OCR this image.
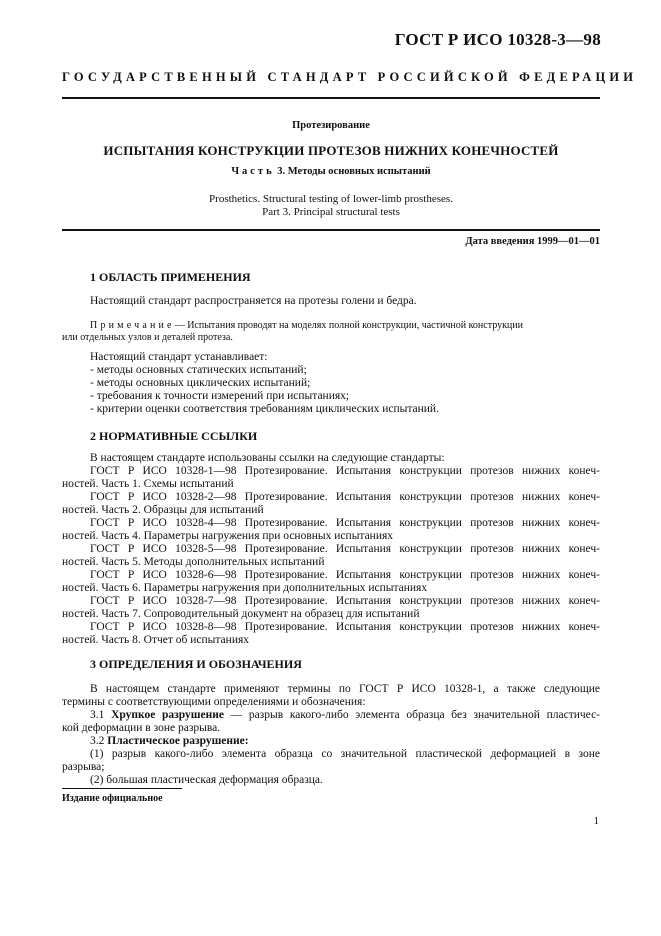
ГОСТ Р ИСО 10328-3—98
ГОСУДАРСТВЕННЫЙ СТАНДАРТ РОССИЙСКОЙ ФЕДЕРАЦИИ
Протезирование
ИСПЫТАНИЯ КОНСТРУКЦИИ ПРОТЕЗОВ НИЖНИХ КОНЕЧНОСТЕЙ
Часть 3. Методы основных испытаний
Prosthetics. Structural testing of lower-limb prostheses.
Part 3. Principal structural tests
Дата введения 1999—01—01
1 ОБЛАСТЬ ПРИМЕНЕНИЯ
Настоящий стандарт распространяется на протезы голени и бедра.
Примечание— Испытания проводят на моделях полной конструкции, частичной конструкции
или отдельных узлов и деталей протеза.
Настоящий стандарт устанавливает:
- методы основных статических испытаний;
- методы основных циклических испытаний;
- требования к точности измерений при испытаниях;
- критерии оценки соответствия требованиям циклических испытаний.
2 НОРМАТИВНЫЕ ССЫЛКИ
В настоящем стандарте использованы ссылки на следующие стандарты:
ГОСТ Р ИСО 10328-1—98 Протезирование. Испытания конструкции протезов нижних конеч-
ностей. Часть 1. Схемы испытаний
ГОСТ Р ИСО 10328-2—98 Протезирование. Испытания конструкции протезов нижних конеч-
ностей. Часть 2. Образцы для испытаний
ГОСТ Р ИСО 10328-4—98 Протезирование. Испытания конструкции протезов нижних конеч-
ностей. Часть 4. Параметры нагружения при основных испытаниях
ГОСТ Р ИСО 10328-5—98 Протезирование. Испытания конструкции протезов нижних конеч-
ностей. Часть 5. Методы дополнительных испытаний
ГОСТ Р ИСО 10328-6—98 Протезирование. Испытания конструкции протезов нижних конеч-
ностей. Часть 6. Параметры нагружения при дополнительных испытаниях
ГОСТ Р ИСО 10328-7—98 Протезирование. Испытания конструкции протезов нижних конеч-
ностей. Часть 7. Сопроводительный документ на образец для испытаний
ГОСТ Р ИСО 10328-8—98 Протезирование. Испытания конструкции протезов нижних конеч-
ностей. Часть 8. Отчет об испытаниях
3 ОПРЕДЕЛЕНИЯ И ОБОЗНАЧЕНИЯ
В настоящем стандарте применяют термины по ГОСТ Р ИСО 10328-1, а также следующие
термины с соответствующими определениями и обозначения:
3.1 Хрупкое разрушение — разрыв какого-либо элемента образца без значительной пластичес-
кой деформации в зоне разрыва.
3.2 Пластическое разрушение:
(1) разрыв какого-либо элемента образца со значительной пластической деформацией в зоне
разрыва;
(2) большая пластическая деформация образца.
Издание официальное
1
